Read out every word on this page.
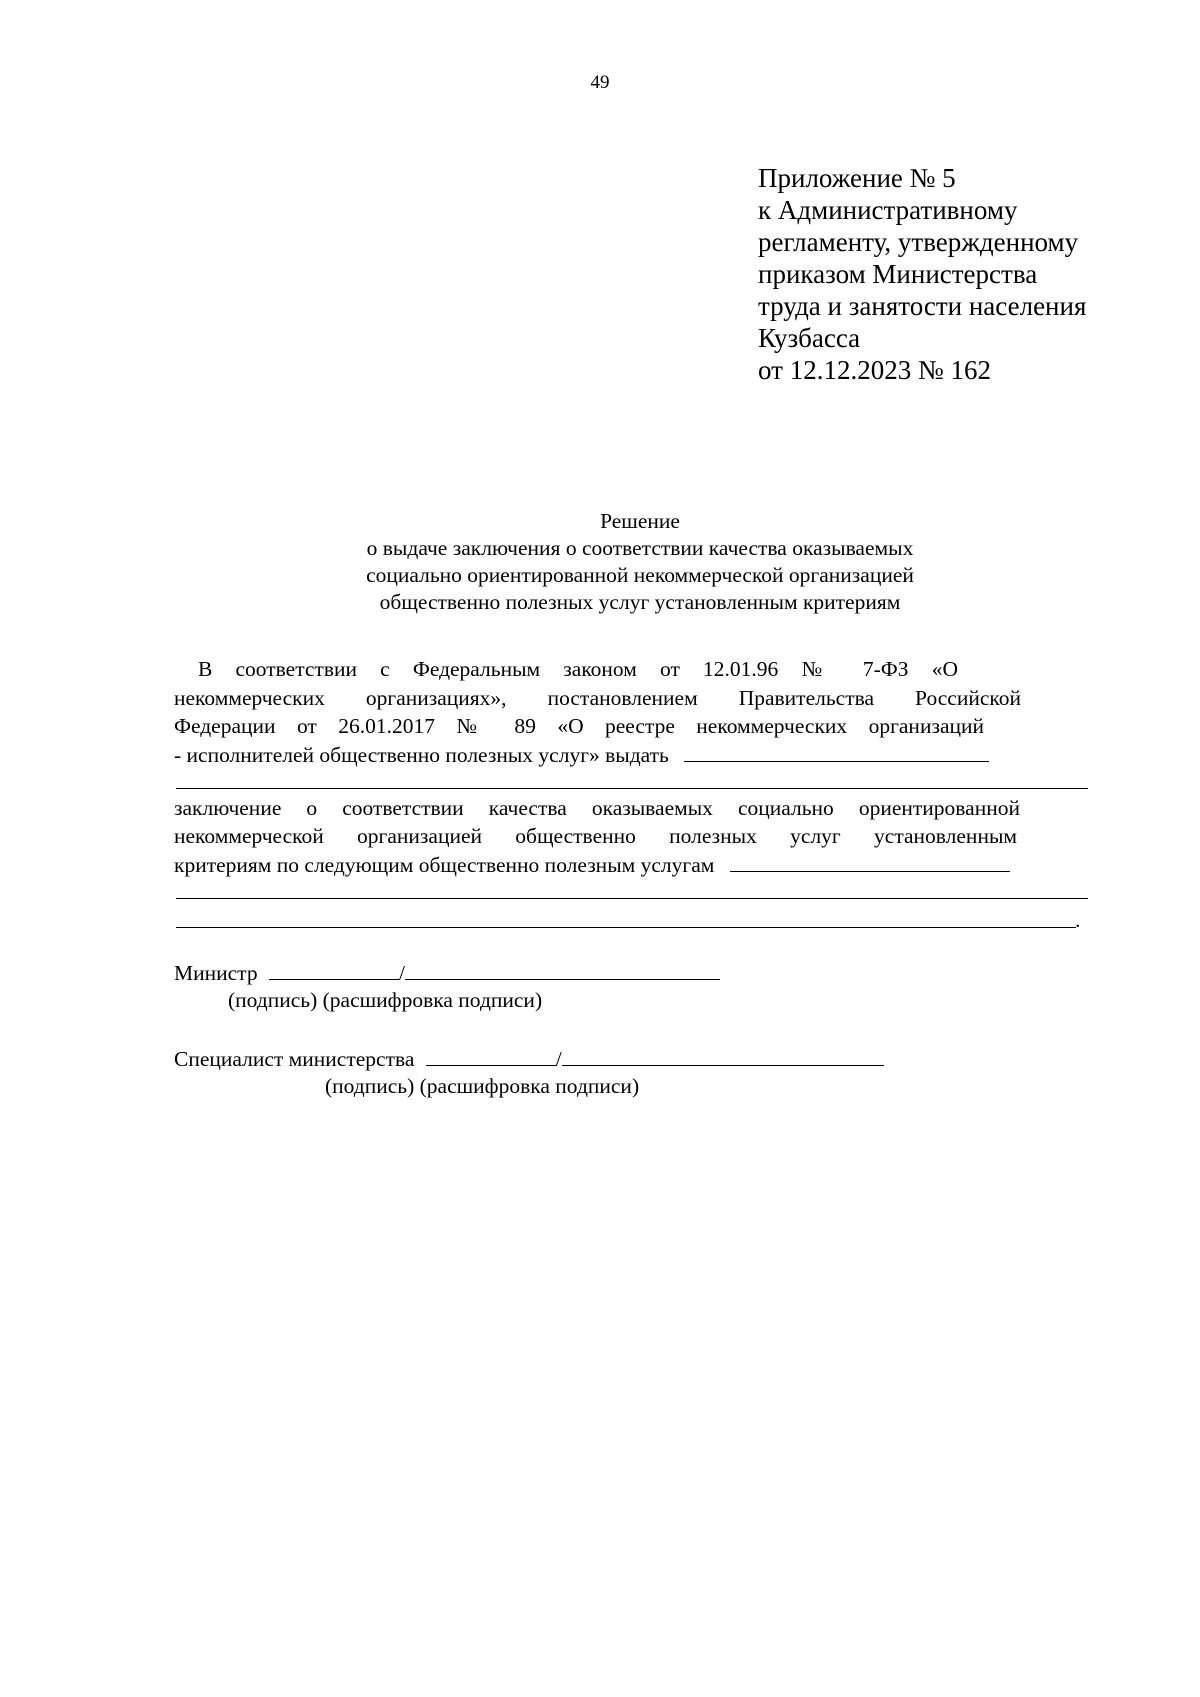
49
Приложение № 5
к Административному
регламенту, утвержденному
приказом Министерства
труда и занятости населения
Кузбасса
от 12.12.2023 № 162
Решение
о выдаче заключения о соответствии качества оказываемых
социально ориентированной некоммерческой организацией
общественно полезных услуг установленным критериям
В соответствии с Федеральным законом от 12.01.96 № 7-ФЗ «О
некоммерческих организациях», постановлением Правительства Российской
Федерации от 26.01.2017 № 89 «О реестре некоммерческих организаций
- исполнителей общественно полезных услуг» выдать
заключение о соответствии качества оказываемых социально ориентированной
некоммерческой организацией общественно полезных услуг установленным
критериям по следующим общественно полезным услугам
.
Министр	/
(подпись) (расшифровка подписи)
Специалист министерства	/
(подпись) (расшифровка подписи)
